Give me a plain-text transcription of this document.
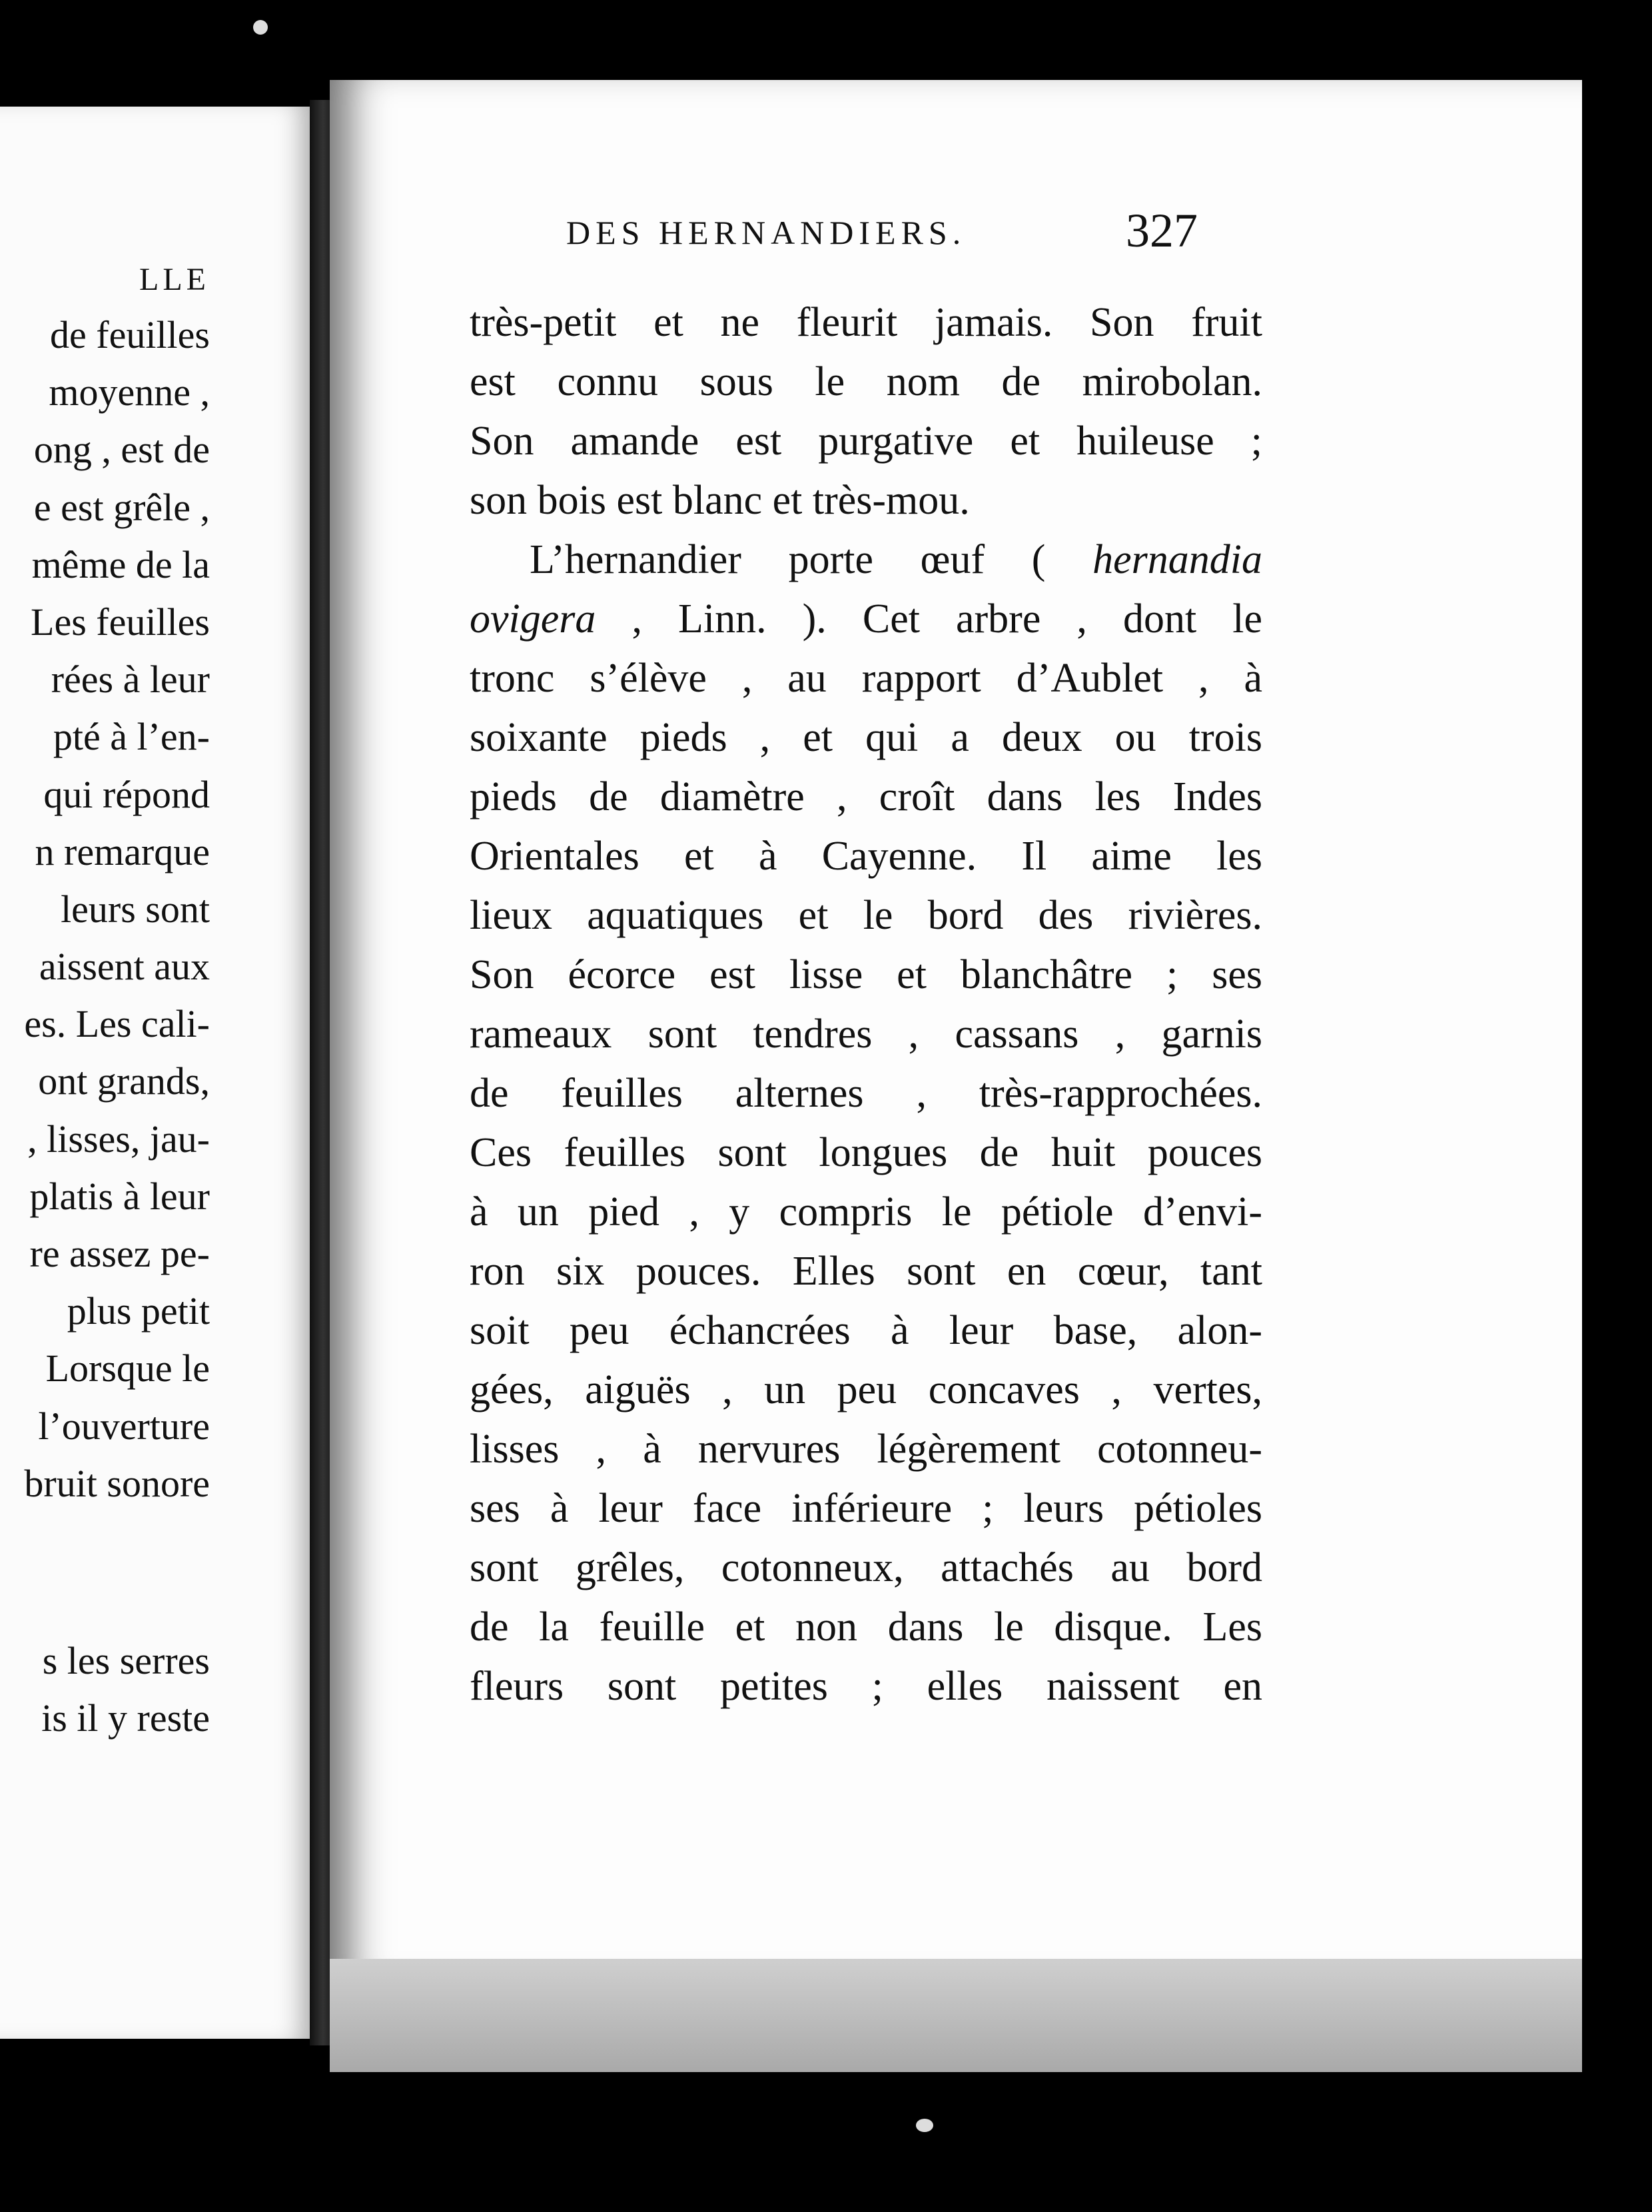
LLE
de feuilles
moyenne ,
ong , est de
e est grêle ,
même de la
Les feuilles
rées à leur
pté à l’en-
qui répond
n remarque
leurs sont
aissent aux
es. Les cali-
ont grands,
, lisses, jau-
platis à leur
re assez pe-
plus petit
Lorsque le
l’ouverture
bruit sonore
s les serres
is il y reste
DES HERNANDIERS.	327
très-petit et ne fleurit jamais. Son fruit
est connu sous le nom de mirobolan.
Son amande est purgative et huileuse ;
son bois est blanc et très-mou.
L’hernandier porte œuf ( hernandia
ovigera , Linn. ). Cet arbre , dont le
tronc s’élève , au rapport d’Aublet , à
soixante pieds , et qui a deux ou trois
pieds de diamètre , croît dans les Indes
Orientales et à Cayenne. Il aime les
lieux aquatiques et le bord des rivières.
Son écorce est lisse et blanchâtre ; ses
rameaux sont tendres , cassans , garnis
de feuilles alternes , très-rapprochées.
Ces feuilles sont longues de huit pouces
à un pied , y compris le pétiole d’envi-
ron six pouces. Elles sont en cœur, tant
soit peu échancrées à leur base, alon-
gées, aiguës , un peu concaves , vertes,
lisses , à nervures légèrement cotonneu-
ses à leur face inférieure ; leurs pétioles
sont grêles, cotonneux, attachés au bord
de la feuille et non dans le disque. Les
fleurs sont petites ; elles naissent en
